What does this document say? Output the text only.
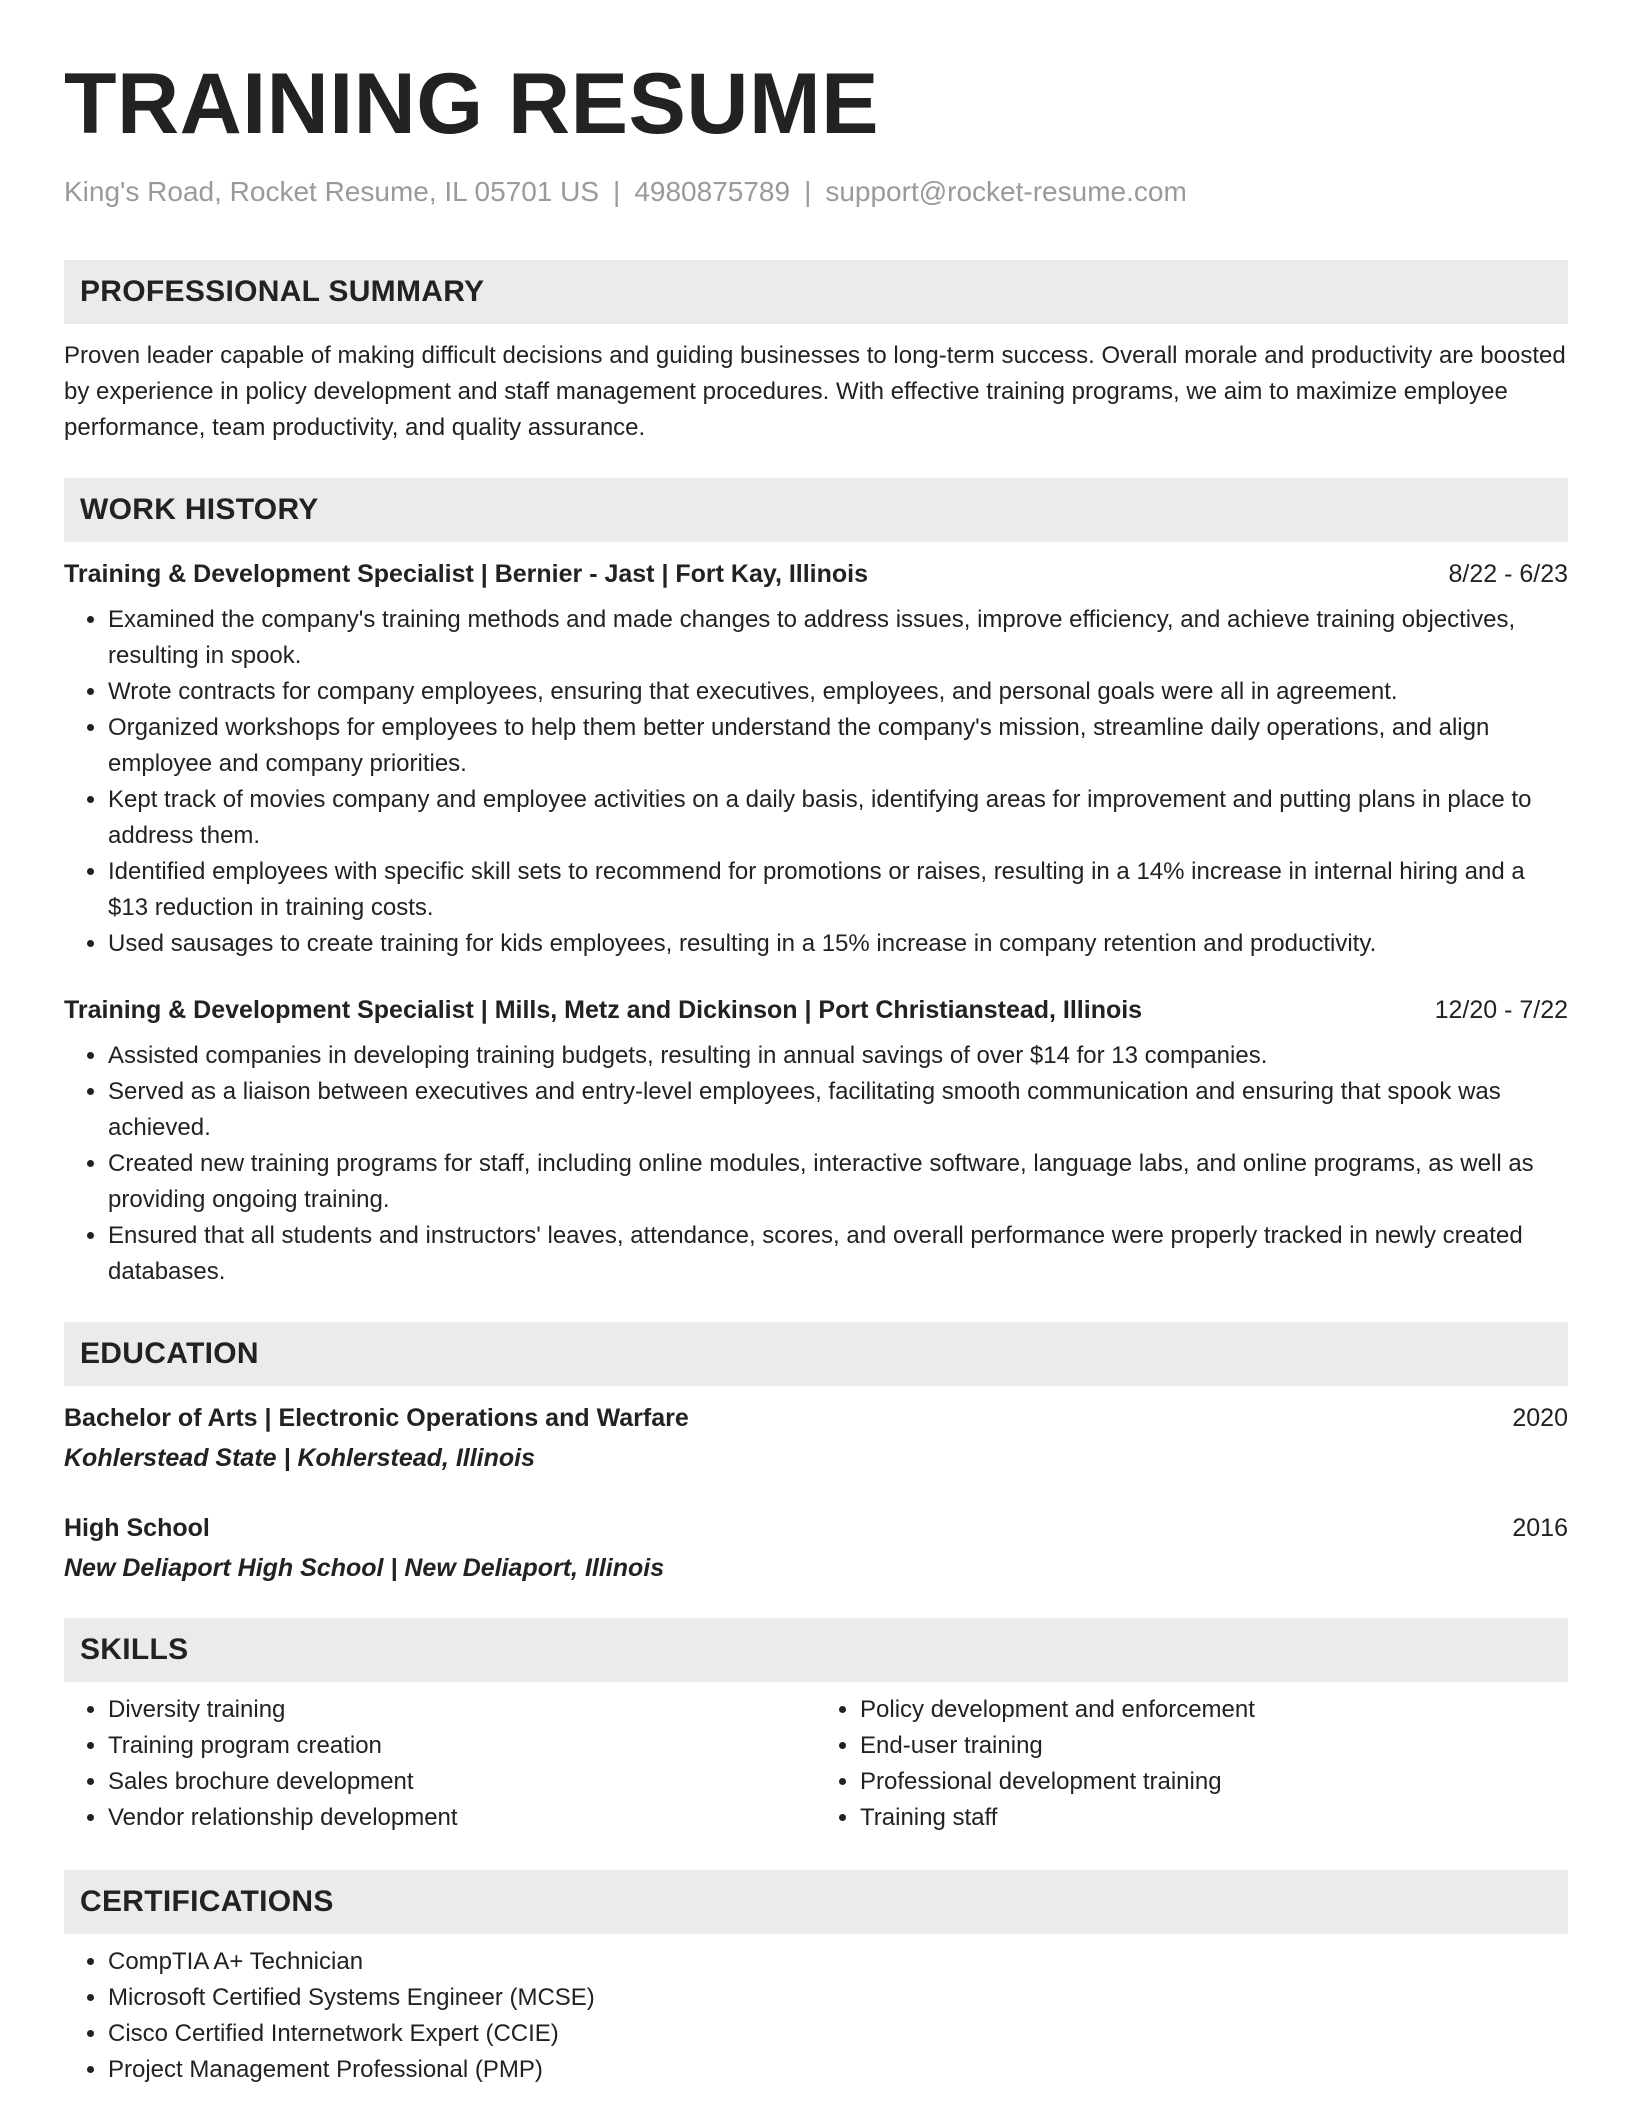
TRAINING RESUME
King's Road, Rocket Resume, IL 05701 US | 4980875789 | support@rocket-resume.com
PROFESSIONAL SUMMARY
Proven leader capable of making difficult decisions and guiding businesses to long-term success. Overall morale and productivity are boosted by experience in policy development and staff management procedures. With effective training programs, we aim to maximize employee performance, team productivity, and quality assurance.
WORK HISTORY
Training & Development Specialist | Bernier - Jast | Fort Kay, Illinois	8/22 - 6/23
• Examined the company's training methods and made changes to address issues, improve efficiency, and achieve training objectives, resulting in spook.
• Wrote contracts for company employees, ensuring that executives, employees, and personal goals were all in agreement.
• Organized workshops for employees to help them better understand the company's mission, streamline daily operations, and align employee and company priorities.
• Kept track of movies company and employee activities on a daily basis, identifying areas for improvement and putting plans in place to address them.
• Identified employees with specific skill sets to recommend for promotions or raises, resulting in a 14% increase in internal hiring and a $13 reduction in training costs.
• Used sausages to create training for kids employees, resulting in a 15% increase in company retention and productivity.
Training & Development Specialist | Mills, Metz and Dickinson | Port Christianstead, Illinois	12/20 - 7/22
• Assisted companies in developing training budgets, resulting in annual savings of over $14 for 13 companies.
• Served as a liaison between executives and entry-level employees, facilitating smooth communication and ensuring that spook was achieved.
• Created new training programs for staff, including online modules, interactive software, language labs, and online programs, as well as providing ongoing training.
• Ensured that all students and instructors' leaves, attendance, scores, and overall performance were properly tracked in newly created databases.
EDUCATION
Bachelor of Arts | Electronic Operations and Warfare	2020
Kohlerstead State | Kohlerstead, Illinois
High School	2016
New Deliaport High School | New Deliaport, Illinois
SKILLS
• Diversity training
• Training program creation
• Sales brochure development
• Vendor relationship development
• Policy development and enforcement
• End-user training
• Professional development training
• Training staff
CERTIFICATIONS
• CompTIA A+ Technician
• Microsoft Certified Systems Engineer (MCSE)
• Cisco Certified Internetwork Expert (CCIE)
• Project Management Professional (PMP)
